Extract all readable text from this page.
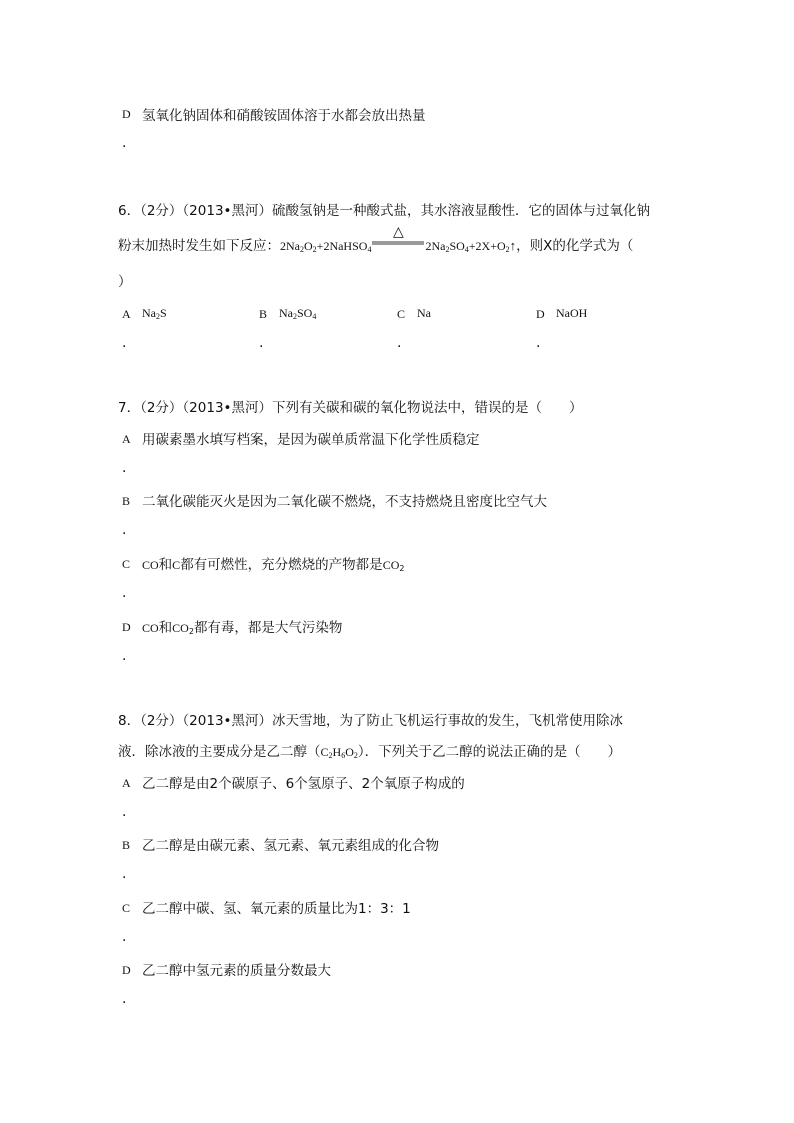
D 氢氧化钠固体和硝酸铵固体溶于水都会放出热量
.
6．（2分）（2013•黑河）硫酸氢钠是一种酸式盐，其水溶液显酸性．它的固体与过氧化钠
粉末加热时发生如下反应： $2Na_2O_2+2NaHSO_4$
△
$2Na_2SO_4+2X+O_2$ ↑ ，则X的化学式为（
）
A $Na_2S$
.
B $Na_2SO_4$
.
C Na
.
D NaOH
.
7．（2分）（2013•黑河）下列有关碳和碳的氧化物说法中，错误的是（　　）
A 用碳素墨水填写档案，是因为碳单质常温下化学性质稳定
.
B 二氧化碳能灭火是因为二氧化碳不燃烧，不支持燃烧且密度比空气大
.
C CO和C都有可燃性，充分燃烧的产物都是$CO_2$
.
D CO和$CO_2$都有毒，都是大气污染物
.
8．（2分）（2013•黑河）冰天雪地，为了防止飞机运行事故的发生，飞机常使用除冰
液．除冰液的主要成分是乙二醇$(C_2H_6O_2)$．下列关于乙二醇的说法正确的是（　　）
A 乙二醇是由2个碳原子、6个氢原子、2个氧原子构成的
.
B 乙二醇是由碳元素、氢元素、氧元素组成的化合物
.
C 乙二醇中碳、氢、氧元素的质量比为1：3：1
.
D 乙二醇中氢元素的质量分数最大
.
